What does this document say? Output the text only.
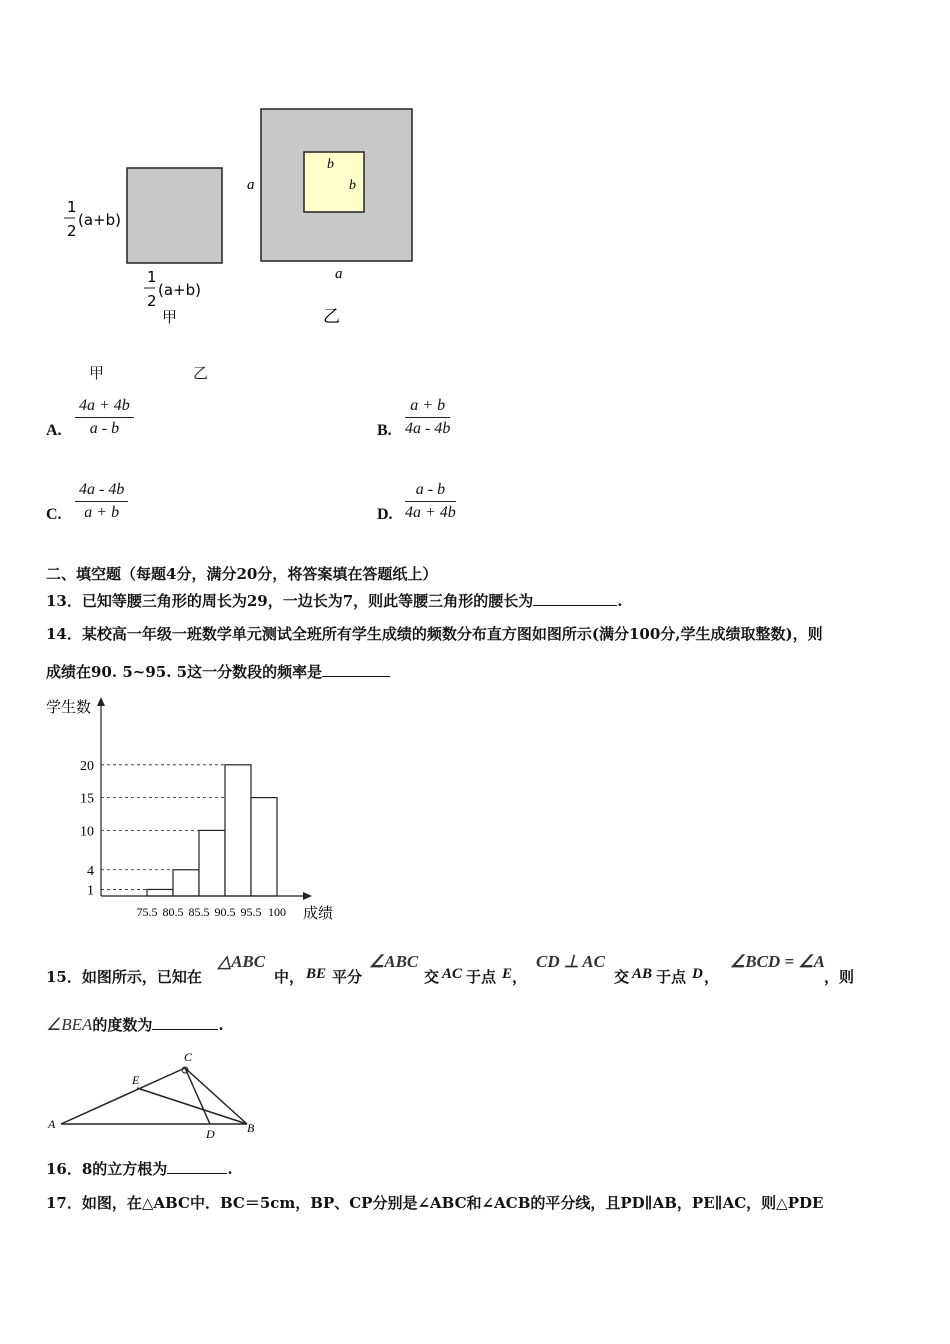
1
2
(a+b)
1
2
(a+b)
甲
a
a
b
b
乙
甲	乙
A. $\frac{4a + 4b}{a - b}$	B. $\frac{a + b}{4a - 4b}$
C. $\frac{4a - 4b}{a + b}$	D. $\frac{a - b}{4a + 4b}$
二、填空题（每题4分，满分20分，将答案填在答题纸上）
13．已知等腰三角形的周长为29，一边长为7，则此等腰三角形的腰长为	.
14．某校高一年级一班数学单元测试全班所有学生成绩的频数分布直方图如图所示(满分100分,学生成绩取整数)，则
成绩在90. 5~95. 5这一分数段的频率是
学生数
成绩
1
4
10
15
20
75.5 80.5 85.5 90.5 95.5 100
15．如图所示，已知在
△ABC
中， BE 平分
∠ABC
交 AC 于点 E ，
CD ⊥ AC
交 AB 于点 D ，
∠BCD = ∠A
，则
∠BEA的度数为	.
A	B
C
D
E
16．8的立方根为	.
17．如图，在△ABC中．BC＝5cm，BP、CP分别是∠ABC和∠ACB的平分线，且PD∥AB，PE∥AC，则△PDE
